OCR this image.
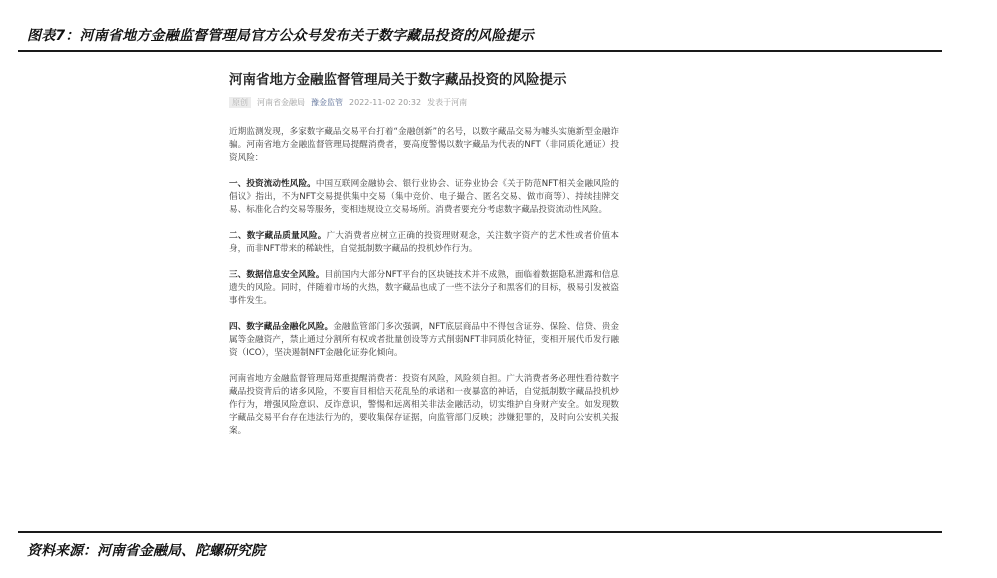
图表7：河南省地方金融监督管理局官方公众号发布关于数字藏品投资的风险提示
河南省地方金融监督管理局关于数字藏品投资的风险提示
原创	河南省金融局 豫金监管 2022-11-02 20:32 发表于河南

近期监测发现，多家数字藏品交易平台打着“金融创新”的名号，以数字藏品交易为噱头实施新型金融诈骗。河南省地方金融监督管理局提醒消费者，要高度警惕以数字藏品为代表的NFT（非同质化通证）投资风险：

一、投资流动性风险。中国互联网金融协会、银行业协会、证券业协会《关于防范NFT相关金融风险的倡议》指出，不为NFT交易提供集中交易（集中竞价、电子撮合、匿名交易、做市商等）、持续挂牌交易、标准化合约交易等服务，变相违规设立交易场所。消费者要充分考虑数字藏品投资流动性风险。

二、数字藏品质量风险。广大消费者应树立正确的投资理财观念，关注数字资产的艺术性或者价值本身，而非NFT带来的稀缺性，自觉抵制数字藏品的投机炒作行为。

三、数据信息安全风险。目前国内大部分NFT平台的区块链技术并不成熟，面临着数据隐私泄露和信息遗失的风险。同时，伴随着市场的火热，数字藏品也成了一些不法分子和黑客们的目标，极易引发被盗事件发生。

四、数字藏品金融化风险。金融监管部门多次强调，NFT底层商品中不得包含证券、保险、信贷、贵金属等金融资产，禁止通过分割所有权或者批量创设等方式削弱NFT非同质化特征，变相开展代币发行融资（ICO），坚决遏制NFT金融化证券化倾向。

河南省地方金融监督管理局郑重提醒消费者：投资有风险，风险须自担。广大消费者务必理性看待数字藏品投资背后的诸多风险，不要盲目相信天花乱坠的承诺和一夜暴富的神话，自觉抵制数字藏品投机炒作行为，增强风险意识、反诈意识，警惕和远离相关非法金融活动，切实维护自身财产安全。如发现数字藏品交易平台存在违法行为的，要收集保存证据，向监管部门反映；涉嫌犯罪的，及时向公安机关报案。

资料来源：河南省金融局、陀螺研究院
